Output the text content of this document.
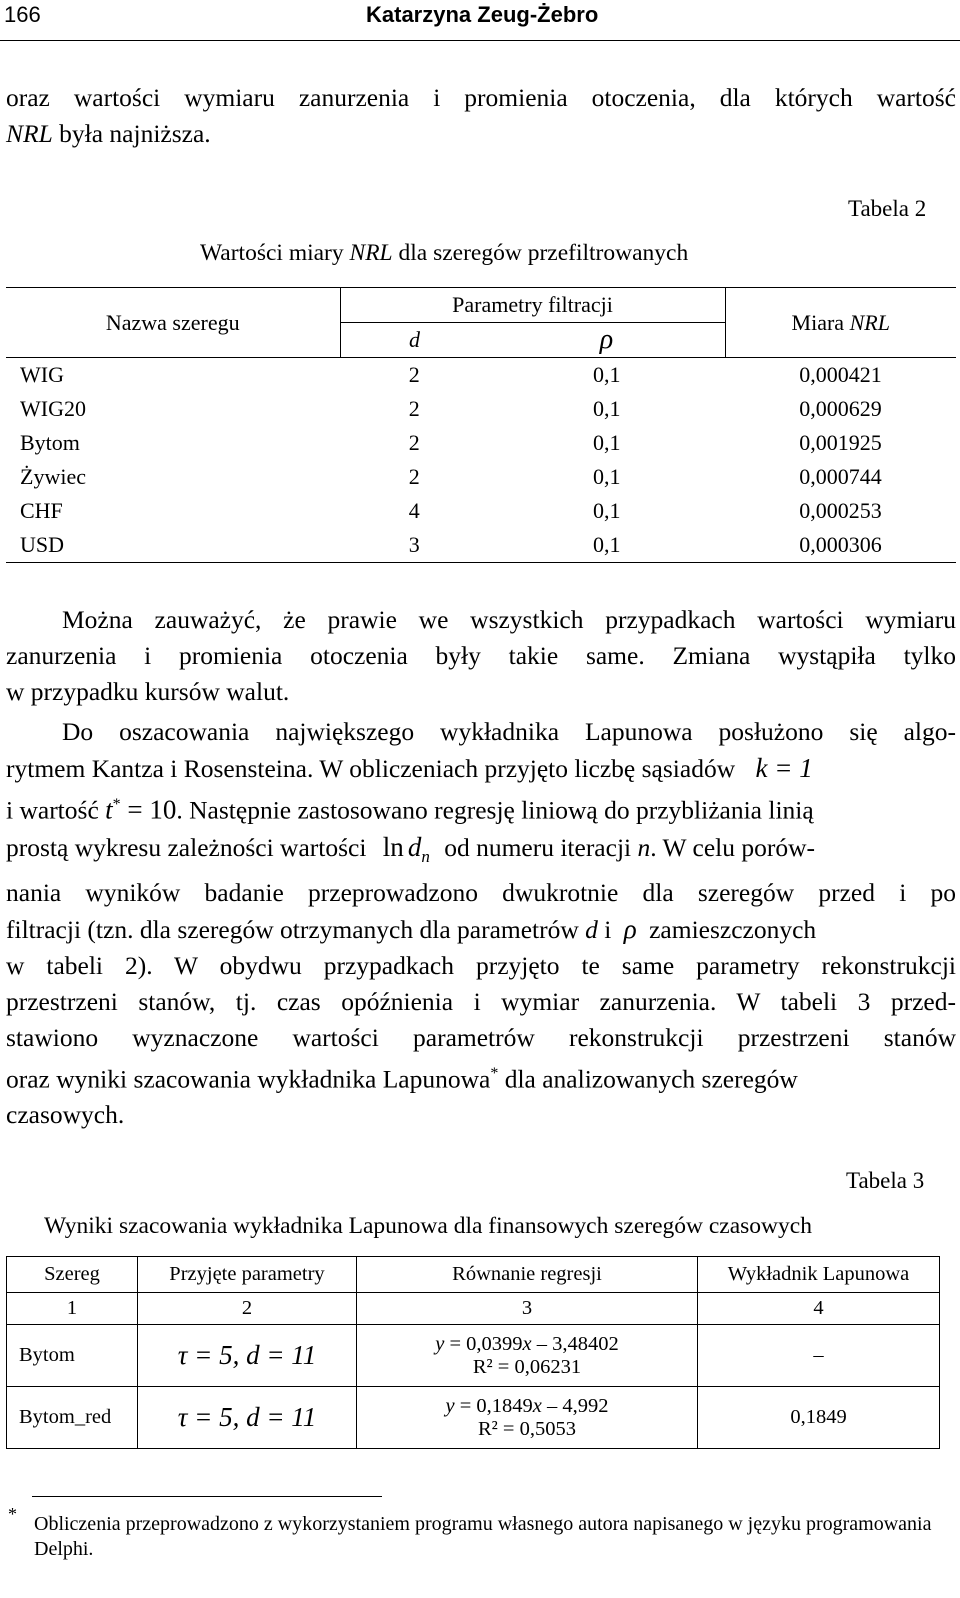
166	Katarzyna Zeug-Żebro
oraz wartości wymiaru zanurzenia i promienia otoczenia, dla których wartość
NRL była najniższa.
Tabela 2
Wartości miary NRL dla szeregów przefiltrowanych
Nazwa szeregu	Parametry filtracji		Miara NRL
	d	ρ	
WIG	2	0,1	0,000421
WIG20	2	0,1	0,000629
Bytom	2	0,1	0,001925
Żywiec	2	0,1	0,000744
CHF	4	0,1	0,000253
USD	3	0,1	0,000306
Można zauważyć, że prawie we wszystkich przypadkach wartości wymiaru
zanurzenia i promienia otoczenia były takie same. Zmiana wystąpiła tylko
w przypadku kursów walut.
Do oszacowania największego wykładnika Lapunowa posłużono się algo-
rytmem Kantza i Rosensteina. W obliczeniach przyjęto liczbę sąsiadów k = 1
i wartość t* = 10. Następnie zastosowano regresję liniową do przybliżania linią
prostą wykresu zależności wartości $\ln d_n$ od numeru iteracji n. W celu porów-
nania wyników badanie przeprowadzono dwukrotnie dla szeregów przed i po
filtracji (tzn. dla szeregów otrzymanych dla parametrów d i ρ zamieszczonych
w tabeli 2). W obydwu przypadkach przyjęto te same parametry rekonstrukcji
przestrzeni stanów, tj. czas opóźnienia i wymiar zanurzenia. W tabeli 3 przed-
stawiono wyznaczone wartości parametrów rekonstrukcji przestrzeni stanów
oraz wyniki szacowania wykładnika Lapunowa* dla analizowanych szeregów
czasowych.
Tabela 3
Wyniki szacowania wykładnika Lapunowa dla finansowych szeregów czasowych
Szereg	Przyjęte parametry	Równanie regresji	Wykładnik Lapunowa
1	2	3	4
Bytom	τ = 5, d = 11	y = 0,0399x – 3,48402
R² = 0,06231	–
Bytom_red	τ = 5, d = 11	y = 0,1849x – 4,992
R² = 0,5053	0,1849
* Obliczenia przeprowadzono z wykorzystaniem programu własnego autora napisanego w języku programowania Delphi.
